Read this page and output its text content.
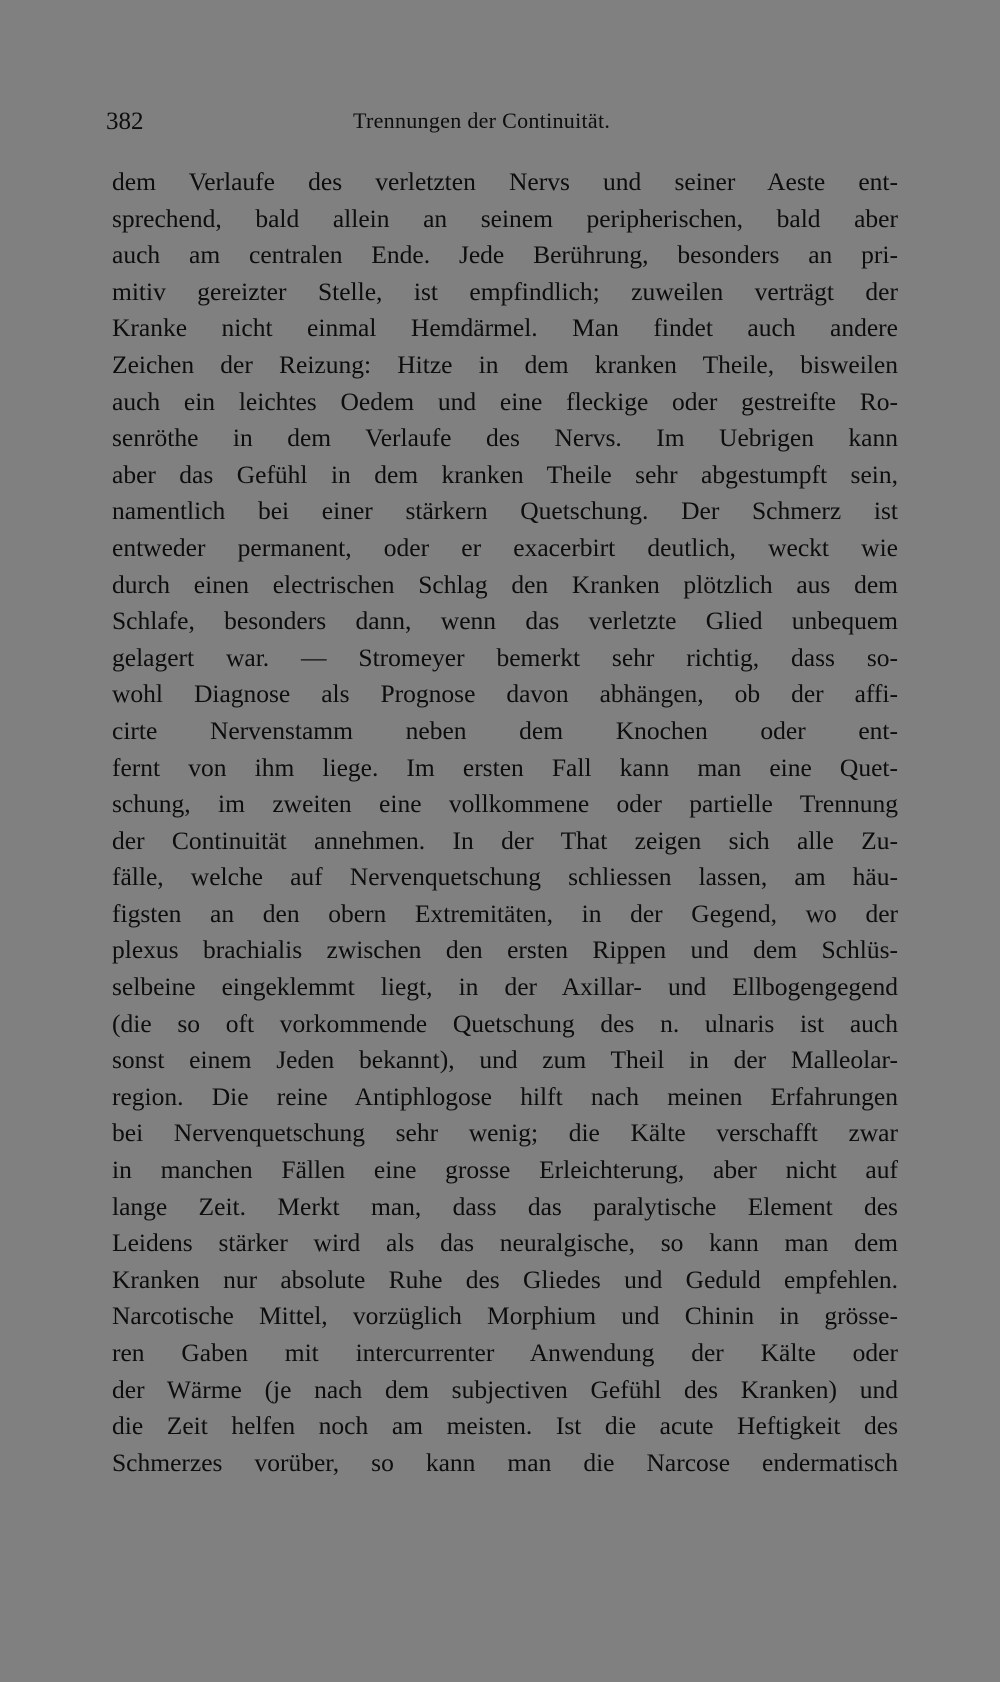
382	Trennungen der Continuität.
dem Verlaufe des verletzten Nervs und seiner Aeste ent-
sprechend, bald allein an seinem peripherischen, bald aber
auch am centralen Ende. Jede Berührung, besonders an pri-
mitiv gereizter Stelle, ist empfindlich; zuweilen verträgt der
Kranke nicht einmal Hemdärmel. Man findet auch andere
Zeichen der Reizung: Hitze in dem kranken Theile, bisweilen
auch ein leichtes Oedem und eine fleckige oder gestreifte Ro-
senröthe in dem Verlaufe des Nervs. Im Uebrigen kann
aber das Gefühl in dem kranken Theile sehr abgestumpft sein,
namentlich bei einer stärkern Quetschung. Der Schmerz ist
entweder permanent, oder er exacerbirt deutlich, weckt wie
durch einen electrischen Schlag den Kranken plötzlich aus dem
Schlafe, besonders dann, wenn das verletzte Glied unbequem
gelagert war. — Stromeyer bemerkt sehr richtig, dass so-
wohl Diagnose als Prognose davon abhängen, ob der affi-
cirte Nervenstamm neben dem Knochen oder ent-
fernt von ihm liege. Im ersten Fall kann man eine Quet-
schung, im zweiten eine vollkommene oder partielle Trennung
der Continuität annehmen. In der That zeigen sich alle Zu-
fälle, welche auf Nervenquetschung schliessen lassen, am häu-
figsten an den obern Extremitäten, in der Gegend, wo der
plexus brachialis zwischen den ersten Rippen und dem Schlüs-
selbeine eingeklemmt liegt, in der Axillar- und Ellbogengegend
(die so oft vorkommende Quetschung des n. ulnaris ist auch
sonst einem Jeden bekannt), und zum Theil in der Malleolar-
region. Die reine Antiphlogose hilft nach meinen Erfahrungen
bei Nervenquetschung sehr wenig; die Kälte verschafft zwar
in manchen Fällen eine grosse Erleichterung, aber nicht auf
lange Zeit. Merkt man, dass das paralytische Element des
Leidens stärker wird als das neuralgische, so kann man dem
Kranken nur absolute Ruhe des Gliedes und Geduld empfehlen.
Narcotische Mittel, vorzüglich Morphium und Chinin in grösse-
ren Gaben mit intercurrenter Anwendung der Kälte oder
der Wärme (je nach dem subjectiven Gefühl des Kranken) und
die Zeit helfen noch am meisten. Ist die acute Heftigkeit des
Schmerzes vorüber, so kann man die Narcose endermatisch
